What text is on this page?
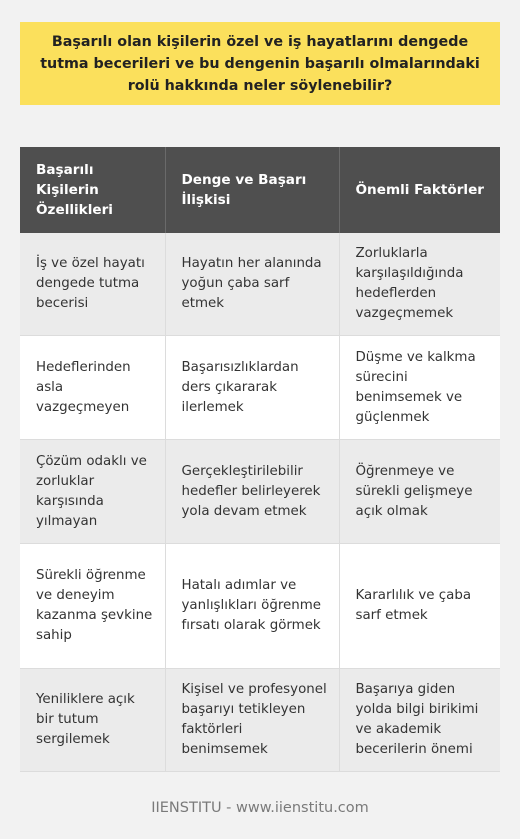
Başarılı olan kişilerin özel ve iş hayatlarını dengede tutma becerileri ve bu dengenin başarılı olmalarındaki rolü hakkında neler söylenebilir?
Başarılı Kişilerin Özellikleri	Denge ve Başarı İlişkisi	Önemli Faktörler
İş ve özel hayatı dengede tutma becerisi	Hayatın her alanında yoğun çaba sarf etmek	Zorluklarla karşılaşıldığında hedeflerden vazgeçmemek
Hedeflerinden asla vazgeçmeyen	Başarısızlıklardan ders çıkararak ilerlemek	Düşme ve kalkma sürecini benimsemek ve güçlenmek
Çözüm odaklı ve zorluklar karşısında yılmayan	Gerçekleştirilebilir hedefler belirleyerek yola devam etmek	Öğrenmeye ve sürekli gelişmeye açık olmak
Sürekli öğrenme ve deneyim kazanma şevkine sahip	Hatalı adımlar ve yanlışlıkları öğrenme fırsatı olarak görmek	Kararlılık ve çaba sarf etmek
Yeniliklere açık bir tutum sergilemek	Kişisel ve profesyonel başarıyı tetikleyen faktörleri benimsemek	Başarıya giden yolda bilgi birikimi ve akademik becerilerin önemi
IIENSTITU - www.iienstitu.com
